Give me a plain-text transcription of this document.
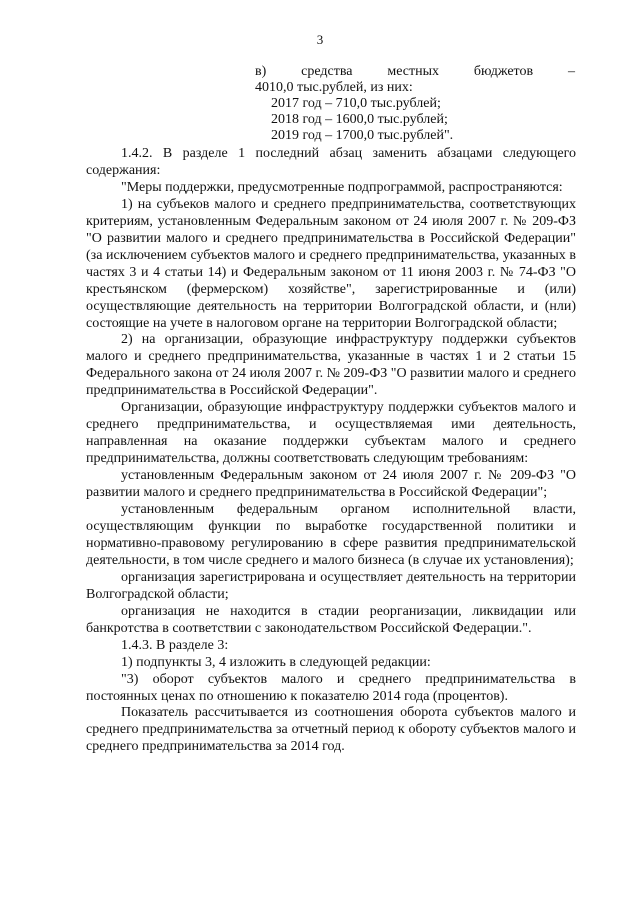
3
в) средства местных бюджетов –

4010,0 тыс.рублей, из них:

2017 год – 710,0 тыс.рублей;

2018 год – 1600,0 тыс.рублей;

2019 год – 1700,0 тыс.рублей".

1.4.2. В разделе 1 последний абзац заменить абзацами следующего содержания:

"Меры поддержки, предусмотренные подпрограммой, распространяются:

1) на субъеков малого и среднего предпринимательства, соответствующих критериям, установленным Федеральным законом от 24 июля 2007 г. № 209-ФЗ "О развитии малого и среднего предпринимательства в Российской Федерации" (за исключением субъектов малого и среднего предпринимательства, указанных в частях 3 и 4 статьи 14) и Федеральным законом от 11 июня 2003 г. № 74-ФЗ "О крестьянском (фермерском) хозяйстве", зарегистрированные и (или) осуществляющие деятельность на территории Волгоградской области, и (нли) состоящие на учете в налоговом органе на территории Волгоградской области;

2) на организации, образующие инфраструктуру поддержки субъектов малого и среднего предпринимательства, указанные в частях 1 и 2 статьи 15 Федерального закона от 24 июля 2007 г. № 209-ФЗ "О развитии малого и среднего предпринимательства в Российской Федерации".

Организации, образующие инфраструктуру поддержки субъектов малого и среднего предпринимательства, и осуществляемая ими деятельность, направленная на оказание поддержки субъектам малого и среднего предпринимательства, должны соответствовать следующим требованиям:

установленным Федеральным законом от 24 июля 2007 г. № 209-ФЗ "О развитии малого и среднего предпринимательства в Российской Федерации";

установленным федеральным органом исполнительной власти, осуществляющим функции по выработке государственной политики и нормативно-правовому регулированию в сфере развития предпринимательской деятельности, в том числе среднего и малого бизнеса (в случае их установления);

организация зарегистрирована и осуществляет деятельность на территории Волгоградской области;

организация не находится в стадии реорганизации, ликвидации или банкротства в соответствии с законодательством Российской Федерации.".

1.4.3. В разделе 3:

1) подпункты 3, 4 изложить в следующей редакции:

"3) оборот субъектов малого и среднего предпринимательства в постоянных ценах по отношению к показателю 2014 года (процентов).

Показатель рассчитывается из соотношения оборота субъектов малого и среднего предпринимательства за отчетный период к обороту субъектов малого и среднего предпринимательства за 2014 год.
